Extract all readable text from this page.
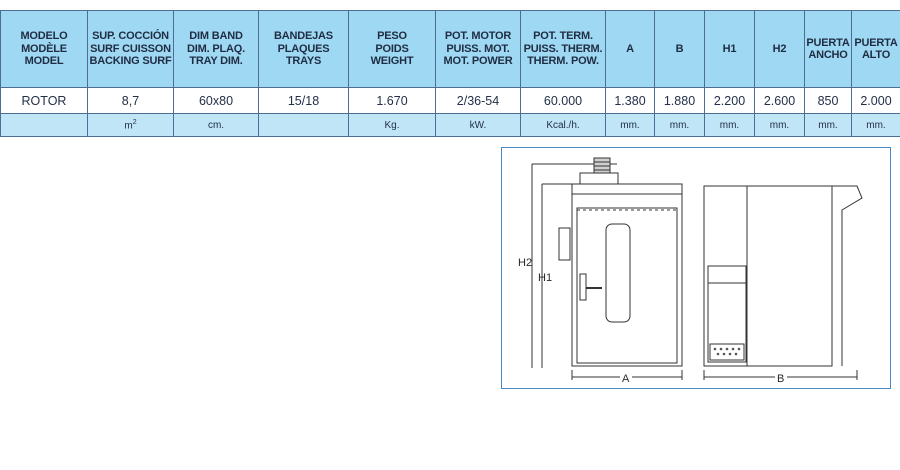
MODELO
MODÈLE
MODEL	SUP. COCCIÓN
SURF CUISSON
BACKING SURF	DIM BAND
DIM. PLAQ.
TRAY DIM.	BANDEJAS
PLAQUES
TRAYS	PESO
POIDS
WEIGHT	POT. MOTOR
PUISS. MOT.
MOT. POWER	POT. TERM.
PUISS. THERM.
THERM. POW.	A	B	H1	H2	PUERTA
ANCHO	PUERTA
ALTO

ROTOR	8,7	60x80	15/18	1.670	2/36-54	60.000	1.380	1.880	2.200	2.600	850	2.000
	$m^2$	cm.		Kg.	kW.	Kcal./h.	mm.	mm.	mm.	mm.	mm.	mm.
H2
H1
A	B
